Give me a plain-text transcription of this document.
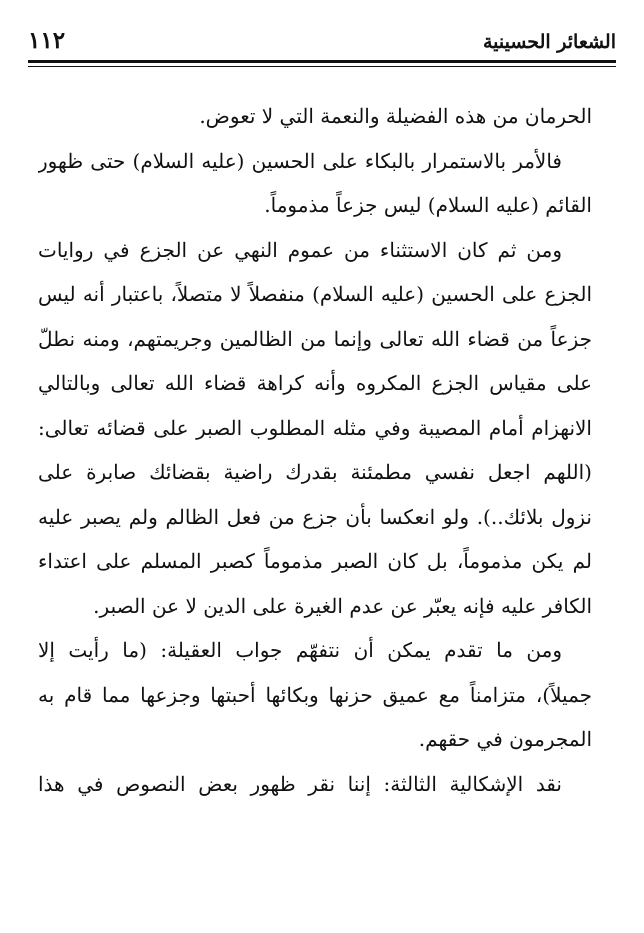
الشعائر الحسينية
١١٢
الحرمان من هذه الفضيلة والنعمة التي لا تعوض.
فالأمر بالاستمرار بالبكاء على الحسين (عليه السلام) حتى ظهور
القائم (عليه السلام) ليس جزعاً مذموماً.
ومن ثم كان الاستثناء من عموم النهي عن الجزع في روايات
الجزع على الحسين (عليه السلام) منفصلاً لا متصلاً، باعتبار أنه ليس
جزعاً من قضاء الله تعالى وإنما من الظالمين وجريمتهم، ومنه نطلّ
على مقياس الجزع المكروه وأنه كراهة قضاء الله تعالى وبالتالي
الانهزام أمام المصيبة وفي مثله المطلوب الصبر على قضائه تعالى:
(اللهم اجعل نفسي مطمئنة بقدرك راضية بقضائك صابرة على
نزول بلائك..). ولو انعكسا بأن جزع من فعل الظالم ولم يصبر عليه
لم يكن مذموماً، بل كان الصبر مذموماً كصبر المسلم على اعتداء
الكافر عليه فإنه يعبّر عن عدم الغيرة على الدين لا عن الصبر.
ومن ما تقدم يمكن أن نتفهّم جواب العقيلة: (ما رأيت إلا
جميلاً)، متزامناً مع عميق حزنها وبكائها أحبتها وجزعها مما قام به
المجرمون في حقهم.
نقد الإشكالية الثالثة: إننا نقر ظهور بعض النصوص في هذا
